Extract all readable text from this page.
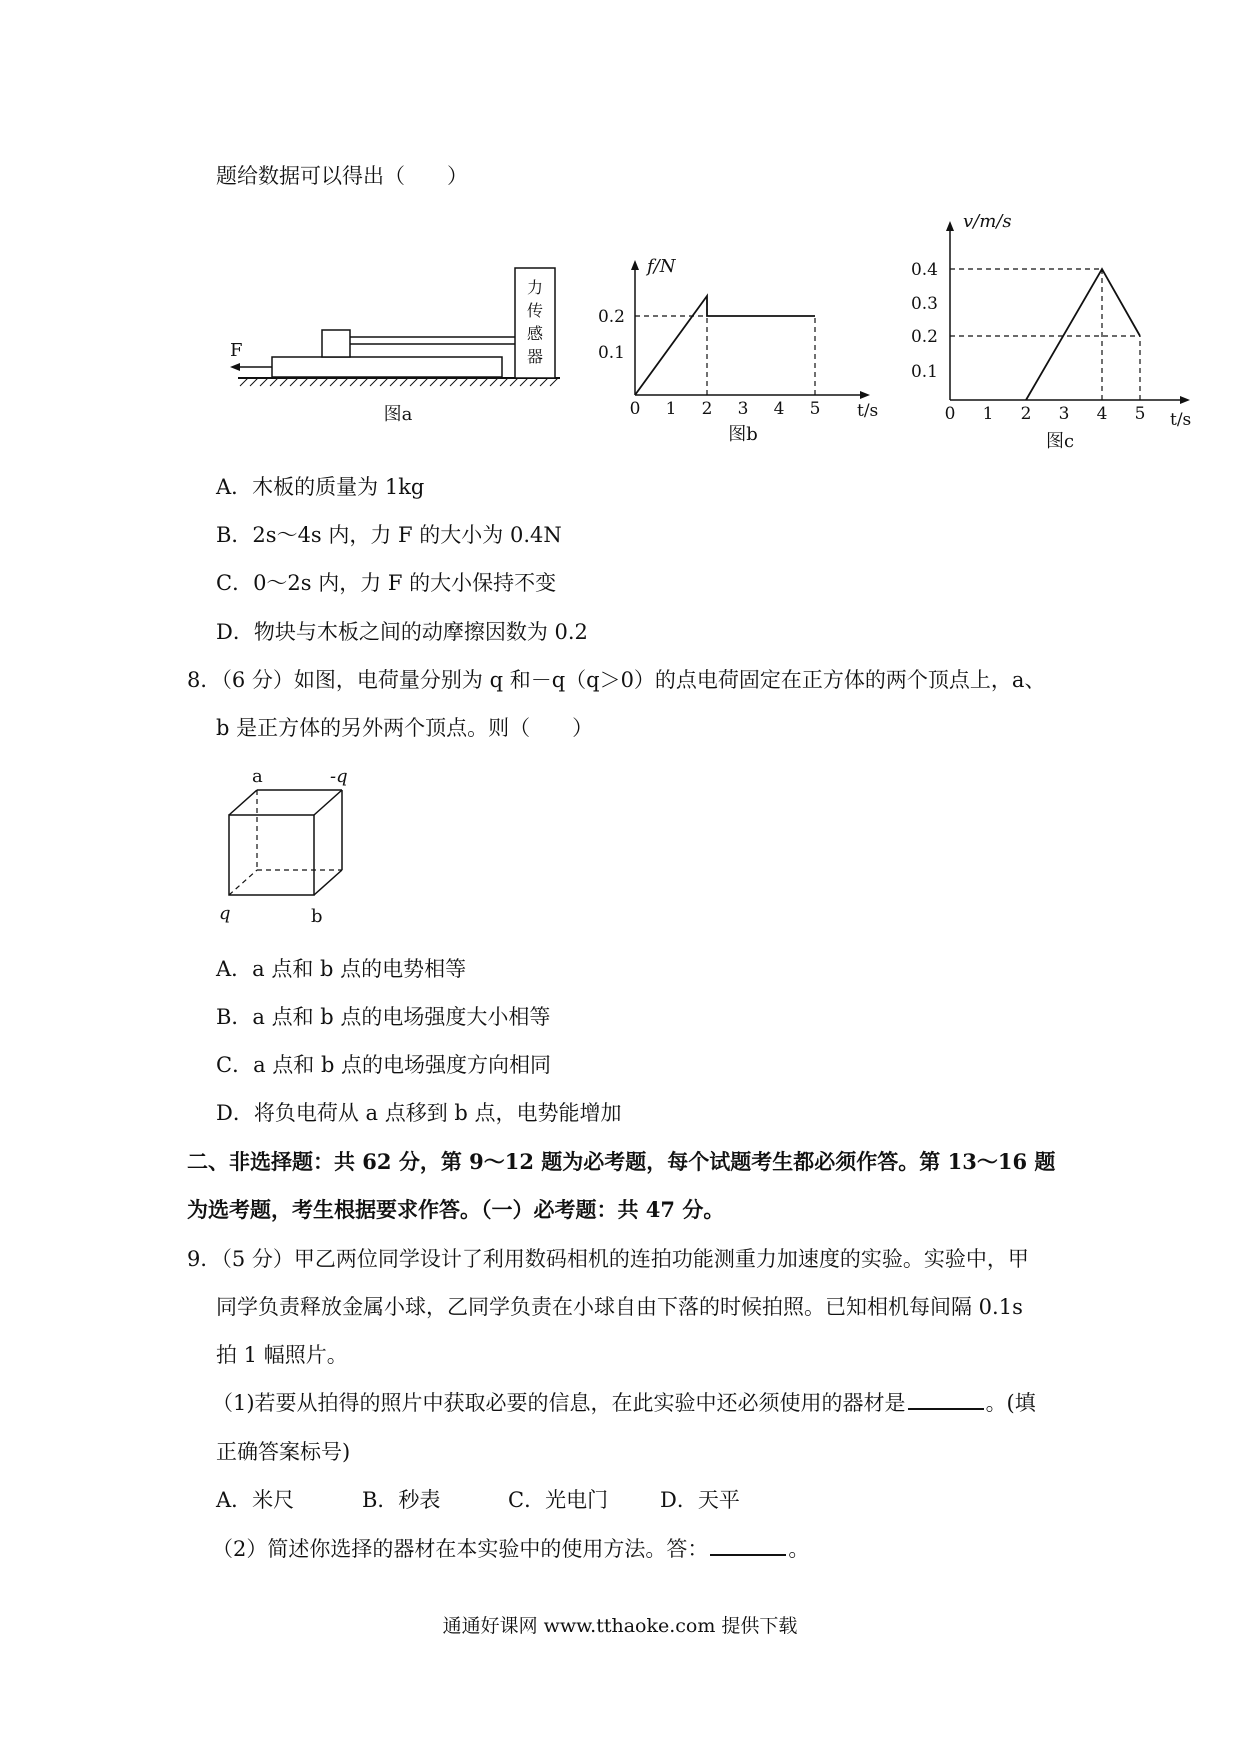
题给数据可以得出（　　）
力
传
感
器
F
图a
f/N
t/s
0.2
0.1
0 1 2 3 4 5
图b
v/m/s
t/s
0.4
0.3
0.2
0.1
0 1 2 3 4 5
图c
A．木板的质量为 1kg
B．2s～4s 内，力 F 的大小为 0.4N
C．0～2s 内，力 F 的大小保持不变
D．物块与木板之间的动摩擦因数为 0.2
8．（6 分）如图，电荷量分别为 q 和－q（q＞0）的点电荷固定在正方体的两个顶点上，a、
b 是正方体的另外两个顶点。则（　　）
a	-q
q	b
A．a 点和 b 点的电势相等
B．a 点和 b 点的电场强度大小相等
C．a 点和 b 点的电场强度方向相同
D．将负电荷从 a 点移到 b 点，电势能增加
二、非选择题：共 62 分，第 9～12 题为必考题，每个试题考生都必须作答。第 13～16 题
为选考题，考生根据要求作答。（一）必考题：共 47 分。
9．（5 分）甲乙两位同学设计了利用数码相机的连拍功能测重力加速度的实验。实验中，甲
同学负责释放金属小球，乙同学负责在小球自由下落的时候拍照。已知相机每间隔 0.1s
拍 1 幅照片。
（1)若要从拍得的照片中获取必要的信息，在此实验中还必须使用的器材是	。(填
正确答案标号)
A．米尺	B．秒表	C．光电门 D．天平
（2）简述你选择的器材在本实验中的使用方法。答：	。
通通好课网 www.tthaoke.com 提供下载
